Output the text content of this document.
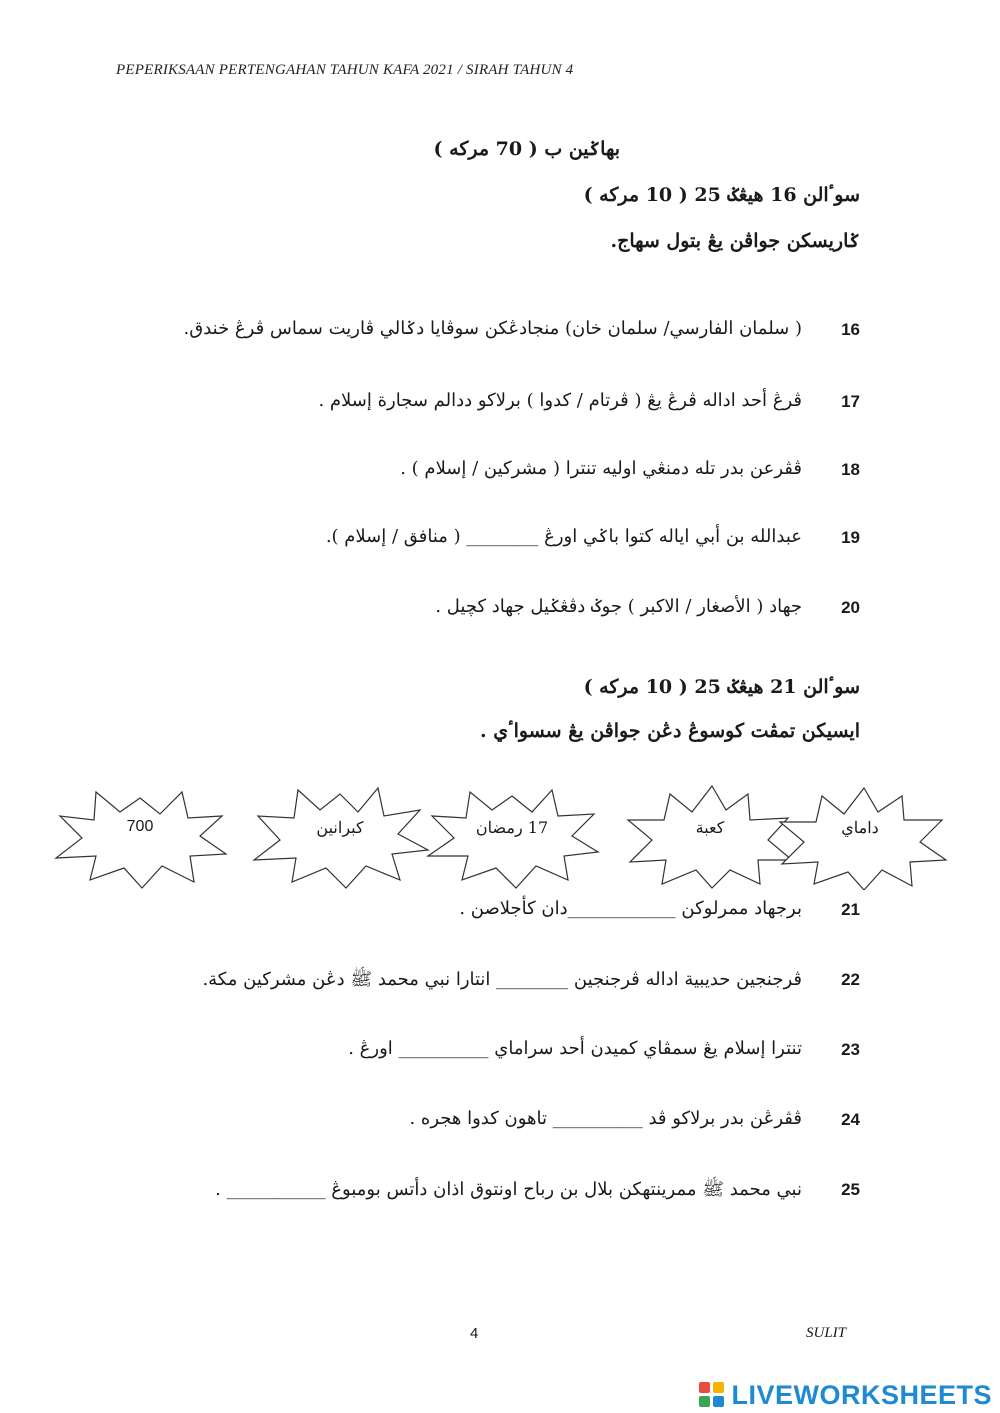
PEPERIKSAAN PERTENGAHAN TAHUN KAFA 2021 / SIRAH TAHUN 4
بهاݢين ب ( 70 مركه )
سوٴالن 16 هيڠݢ 25 ( 10 مركه )
ݢاريسکن جواڤن يڠ بتول سهاج.
16
( سلمان الفارسي/ سلمان خان) منجادڠکن سوڤايا دݢالي ڤاريت سماس ڤرڠ خندق.
17
ڤرڠ أحد اداله ڤرڠ يڠ ( ڤرتام / كدوا ) برلاكو ددالم سجارة إسلام .
18
ڤڤرعن بدر تله دمنڠي اوليه تنترا ( مشركين / إسلام ) .
19
عبدالله بن أبي اياله كتوا باݢي اورڠ ________ ( منافق / إسلام ).
20
جهاد ( الأصغار / الاكبر ) جوݢ دڤڠݢيل جهاد كچيل .
سوٴالن 21 هيڠݢ 25 ( 10 مركه )
ايسيکن تمڤت كوسوڠ دڠن جواڤن يڠ سسواٴي .
700	كبرانين	17 رمضان	كعبة	داماي
21
برجهاد ممرلوکن ____________دان كأجلاصن .
22
ڤرجنجين حديبية اداله ڤرجنجين ________ انتارا نبي محمد ﷺ دڠن مشركين مكة.
23
تنترا إسلام يڠ سمڤاي كميدن أحد سراماي __________ اورڠ .
24
ڤڤرڠن بدر برلاكو ڤد __________ تاهون كدوا هجره .
25
نبي محمد ﷺ ممرينتهکن بلال بن رباح اونتوق اذان دأتس بومبوڠ ___________ .
4	SULIT
LIVEWORKSHEETS
